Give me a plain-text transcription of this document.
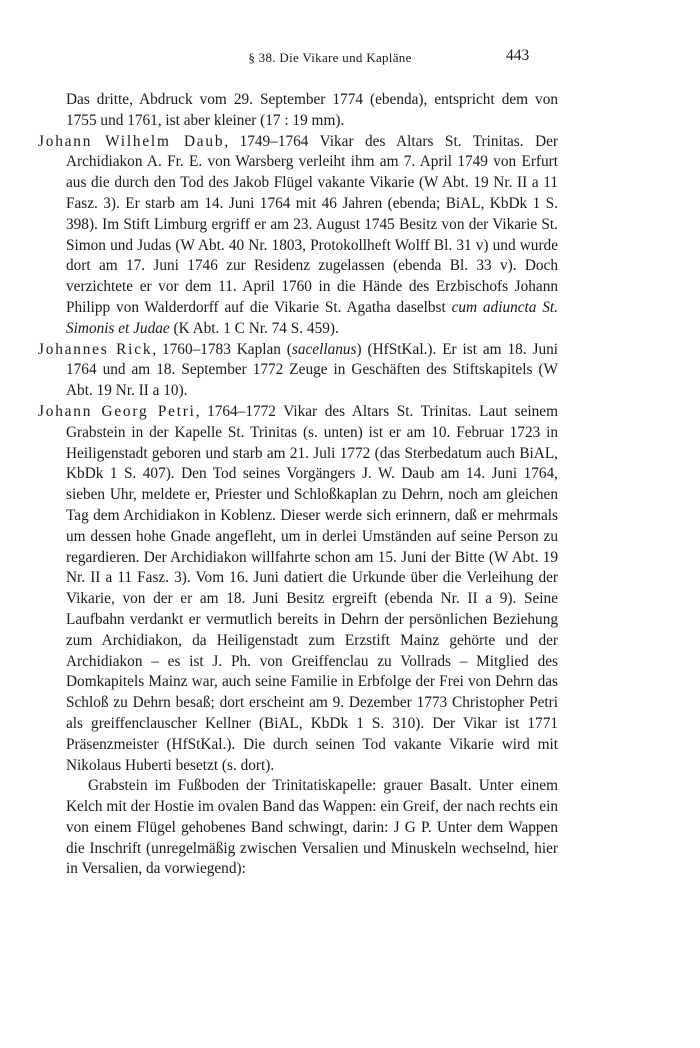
§ 38. Die Vikare und Kapläne	443

Das dritte, Abdruck vom 29. September 1774 (ebenda), entspricht dem von 1755 und 1761, ist aber kleiner (17 : 19 mm).

Johann Wilhelm Daub, 1749–1764 Vikar des Altars St. Trinitas. Der Archidiakon A. Fr. E. von Warsberg verleiht ihm am 7. April 1749 von Erfurt aus die durch den Tod des Jakob Flügel vakante Vikarie (W Abt. 19 Nr. II a 11 Fasz. 3). Er starb am 14. Juni 1764 mit 46 Jahren (ebenda; BiAL, KbDk 1 S. 398). Im Stift Limburg ergriff er am 23. August 1745 Besitz von der Vikarie St. Simon und Judas (W Abt. 40 Nr. 1803, Protokollheft Wolff Bl. 31 v) und wurde dort am 17. Juni 1746 zur Residenz zugelassen (ebenda Bl. 33 v). Doch verzichtete er vor dem 11. April 1760 in die Hände des Erzbischofs Johann Philipp von Walderdorff auf die Vikarie St. Agatha daselbst cum adiuncta St. Simonis et Judae (K Abt. 1 C Nr. 74 S. 459).

Johannes Rick, 1760–1783 Kaplan (sacellanus) (HfStKal.). Er ist am 18. Juni 1764 und am 18. September 1772 Zeuge in Geschäften des Stiftskapitels (W Abt. 19 Nr. II a 10).

Johann Georg Petri, 1764–1772 Vikar des Altars St. Trinitas. Laut seinem Grabstein in der Kapelle St. Trinitas (s. unten) ist er am 10. Februar 1723 in Heiligenstadt geboren und starb am 21. Juli 1772 (das Sterbedatum auch BiAL, KbDk 1 S. 407). Den Tod seines Vorgängers J. W. Daub am 14. Juni 1764, sieben Uhr, meldete er, Priester und Schloßkaplan zu Dehrn, noch am gleichen Tag dem Archidiakon in Koblenz. Dieser werde sich erinnern, daß er mehrmals um dessen hohe Gnade angefleht, um in derlei Umständen auf seine Person zu regardieren. Der Archidiakon willfahrte schon am 15. Juni der Bitte (W Abt. 19 Nr. II a 11 Fasz. 3). Vom 16. Juni datiert die Urkunde über die Verleihung der Vikarie, von der er am 18. Juni Besitz ergreift (ebenda Nr. II a 9). Seine Laufbahn verdankt er vermutlich bereits in Dehrn der persönlichen Beziehung zum Archidiakon, da Heiligenstadt zum Erzstift Mainz gehörte und der Archidiakon – es ist J. Ph. von Greiffenclau zu Vollrads – Mitglied des Domkapitels Mainz war, auch seine Familie in Erbfolge der Frei von Dehrn das Schloß zu Dehrn besaß; dort erscheint am 9. Dezember 1773 Christopher Petri als greiffenclauscher Kellner (BiAL, KbDk 1 S. 310). Der Vikar ist 1771 Präsenzmeister (HfStKal.). Die durch seinen Tod vakante Vikarie wird mit Nikolaus Huberti besetzt (s. dort).

Grabstein im Fußboden der Trinitatiskapelle: grauer Basalt. Unter einem Kelch mit der Hostie im ovalen Band das Wappen: ein Greif, der nach rechts ein von einem Flügel gehobenes Band schwingt, darin: J G P. Unter dem Wappen die Inschrift (unregelmäßig zwischen Versalien und Minuskeln wechselnd, hier in Versalien, da vorwiegend):
